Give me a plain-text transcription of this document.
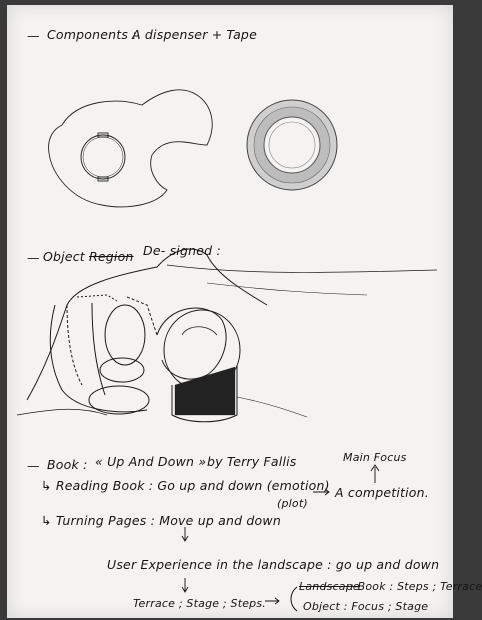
— Components :
A dispenser + Tape
— Object Region De- signed :
— Book : « Up And Down » by Terry Fallis	Main Focus
↳ Reading Book : Go up and down (emotion)
(plot)
A competition.
↳ Turning Pages : Move up and down
User Experience in the landscape : go up and down
Terrace ; Stage ; Steps.
Landscape
: Book : Steps ; Terrace
Object : Focus ; Stage
